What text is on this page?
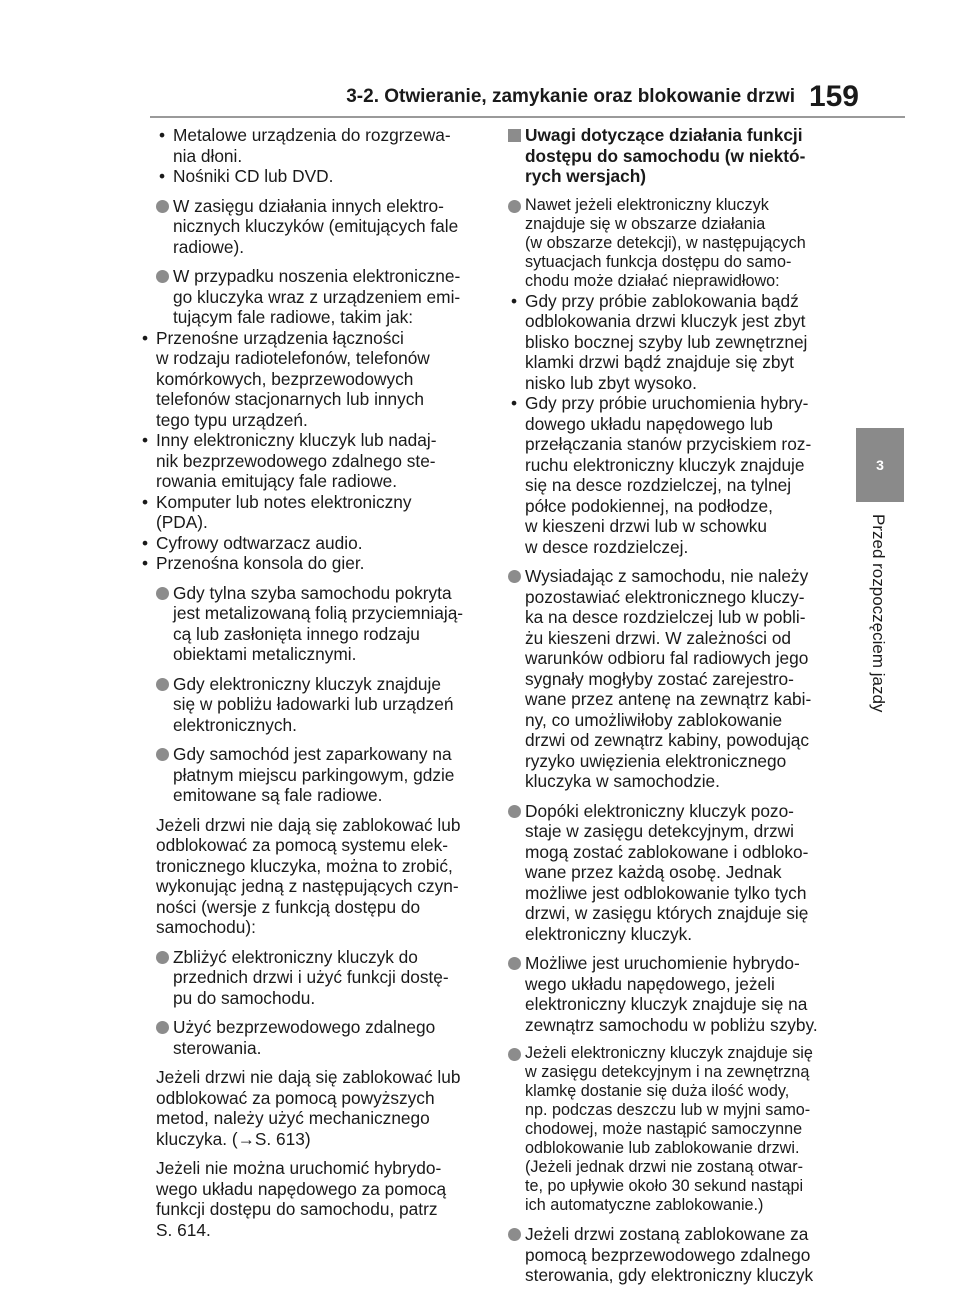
3-2. Otwieranie, zamykanie oraz blokowanie drzwi 159
3
Przed rozpoczęciem jazdy
• Metalowe urządzenia do rozgrzewa-
nia dłoni.
• Nośniki CD lub DVD.
W zasięgu działania innych elektro-
nicznych kluczyków (emitujących fale
radiowe).
W przypadku noszenia elektroniczne-
go kluczyka wraz z urządzeniem emi-
tującym fale radiowe, takim jak:
• Przenośne urządzenia łączności
w rodzaju radiotelefonów, telefonów
komórkowych, bezprzewodowych
telefonów stacjonarnych lub innych
tego typu urządzeń.
• Inny elektroniczny kluczyk lub nadaj-
nik bezprzewodowego zdalnego ste-
rowania emitujący fale radiowe.
• Komputer lub notes elektroniczny
(PDA).
• Cyfrowy odtwarzacz audio.
• Przenośna konsola do gier.
Gdy tylna szyba samochodu pokryta
jest metalizowaną folią przyciemniają-
cą lub zasłonięta innego rodzaju
obiektami metalicznymi.
Gdy elektroniczny kluczyk znajduje
się w pobliżu ładowarki lub urządzeń
elektronicznych.
Gdy samochód jest zaparkowany na
płatnym miejscu parkingowym, gdzie
emitowane są fale radiowe.
Jeżeli drzwi nie dają się zablokować lub
odblokować za pomocą systemu elek-
tronicznego kluczyka, można to zrobić,
wykonując jedną z następujących czyn-
ności (wersje z funkcją dostępu do
samochodu):
Zbliżyć elektroniczny kluczyk do
przednich drzwi i użyć funkcji dostę-
pu do samochodu.
Użyć bezprzewodowego zdalnego
sterowania.
Jeżeli drzwi nie dają się zablokować lub
odblokować za pomocą powyższych
metod, należy użyć mechanicznego
kluczyka. (→S. 613)
Jeżeli nie można uruchomić hybrydo-
wego układu napędowego za pomocą
funkcji dostępu do samochodu, patrz
S. 614.
Uwagi dotyczące działania funkcji
dostępu do samochodu (w niektó-
rych wersjach)
Nawet jeżeli elektroniczny kluczyk
znajduje się w obszarze działania
(w obszarze detekcji), w następujących
sytuacjach funkcja dostępu do samo-
chodu może działać nieprawidłowo:
• Gdy przy próbie zablokowania bądź
odblokowania drzwi kluczyk jest zbyt
blisko bocznej szyby lub zewnętrznej
klamki drzwi bądź znajduje się zbyt
nisko lub zbyt wysoko.
• Gdy przy próbie uruchomienia hybry-
dowego układu napędowego lub
przełączania stanów przyciskiem roz-
ruchu elektroniczny kluczyk znajduje
się na desce rozdzielczej, na tylnej
półce podokiennej, na podłodze,
w kieszeni drzwi lub w schowku
w desce rozdzielczej.
Wysiadając z samochodu, nie należy
pozostawiać elektronicznego kluczy-
ka na desce rozdzielczej lub w pobli-
żu kieszeni drzwi. W zależności od
warunków odbioru fal radiowych jego
sygnały mogłyby zostać zarejestro-
wane przez antenę na zewnątrz kabi-
ny, co umożliwiłoby zablokowanie
drzwi od zewnątrz kabiny, powodując
ryzyko uwięzienia elektronicznego
kluczyka w samochodzie.
Dopóki elektroniczny kluczyk pozo-
staje w zasięgu detekcyjnym, drzwi
mogą zostać zablokowane i odbloko-
wane przez każdą osobę. Jednak
możliwe jest odblokowanie tylko tych
drzwi, w zasięgu których znajduje się
elektroniczny kluczyk.
Możliwe jest uruchomienie hybrydo-
wego układu napędowego, jeżeli
elektroniczny kluczyk znajduje się na
zewnątrz samochodu w pobliżu szyby.
Jeżeli elektroniczny kluczyk znajduje się
w zasięgu detekcyjnym i na zewnętrzną
klamkę dostanie się duża ilość wody,
np. podczas deszczu lub w myjni samo-
chodowej, może nastąpić samoczynne
odblokowanie lub zablokowanie drzwi.
(Jeżeli jednak drzwi nie zostaną otwar-
te, po upływie około 30 sekund nastąpi
ich automatyczne zablokowanie.)
Jeżeli drzwi zostaną zablokowane za
pomocą bezprzewodowego zdalnego
sterowania, gdy elektroniczny kluczyk
